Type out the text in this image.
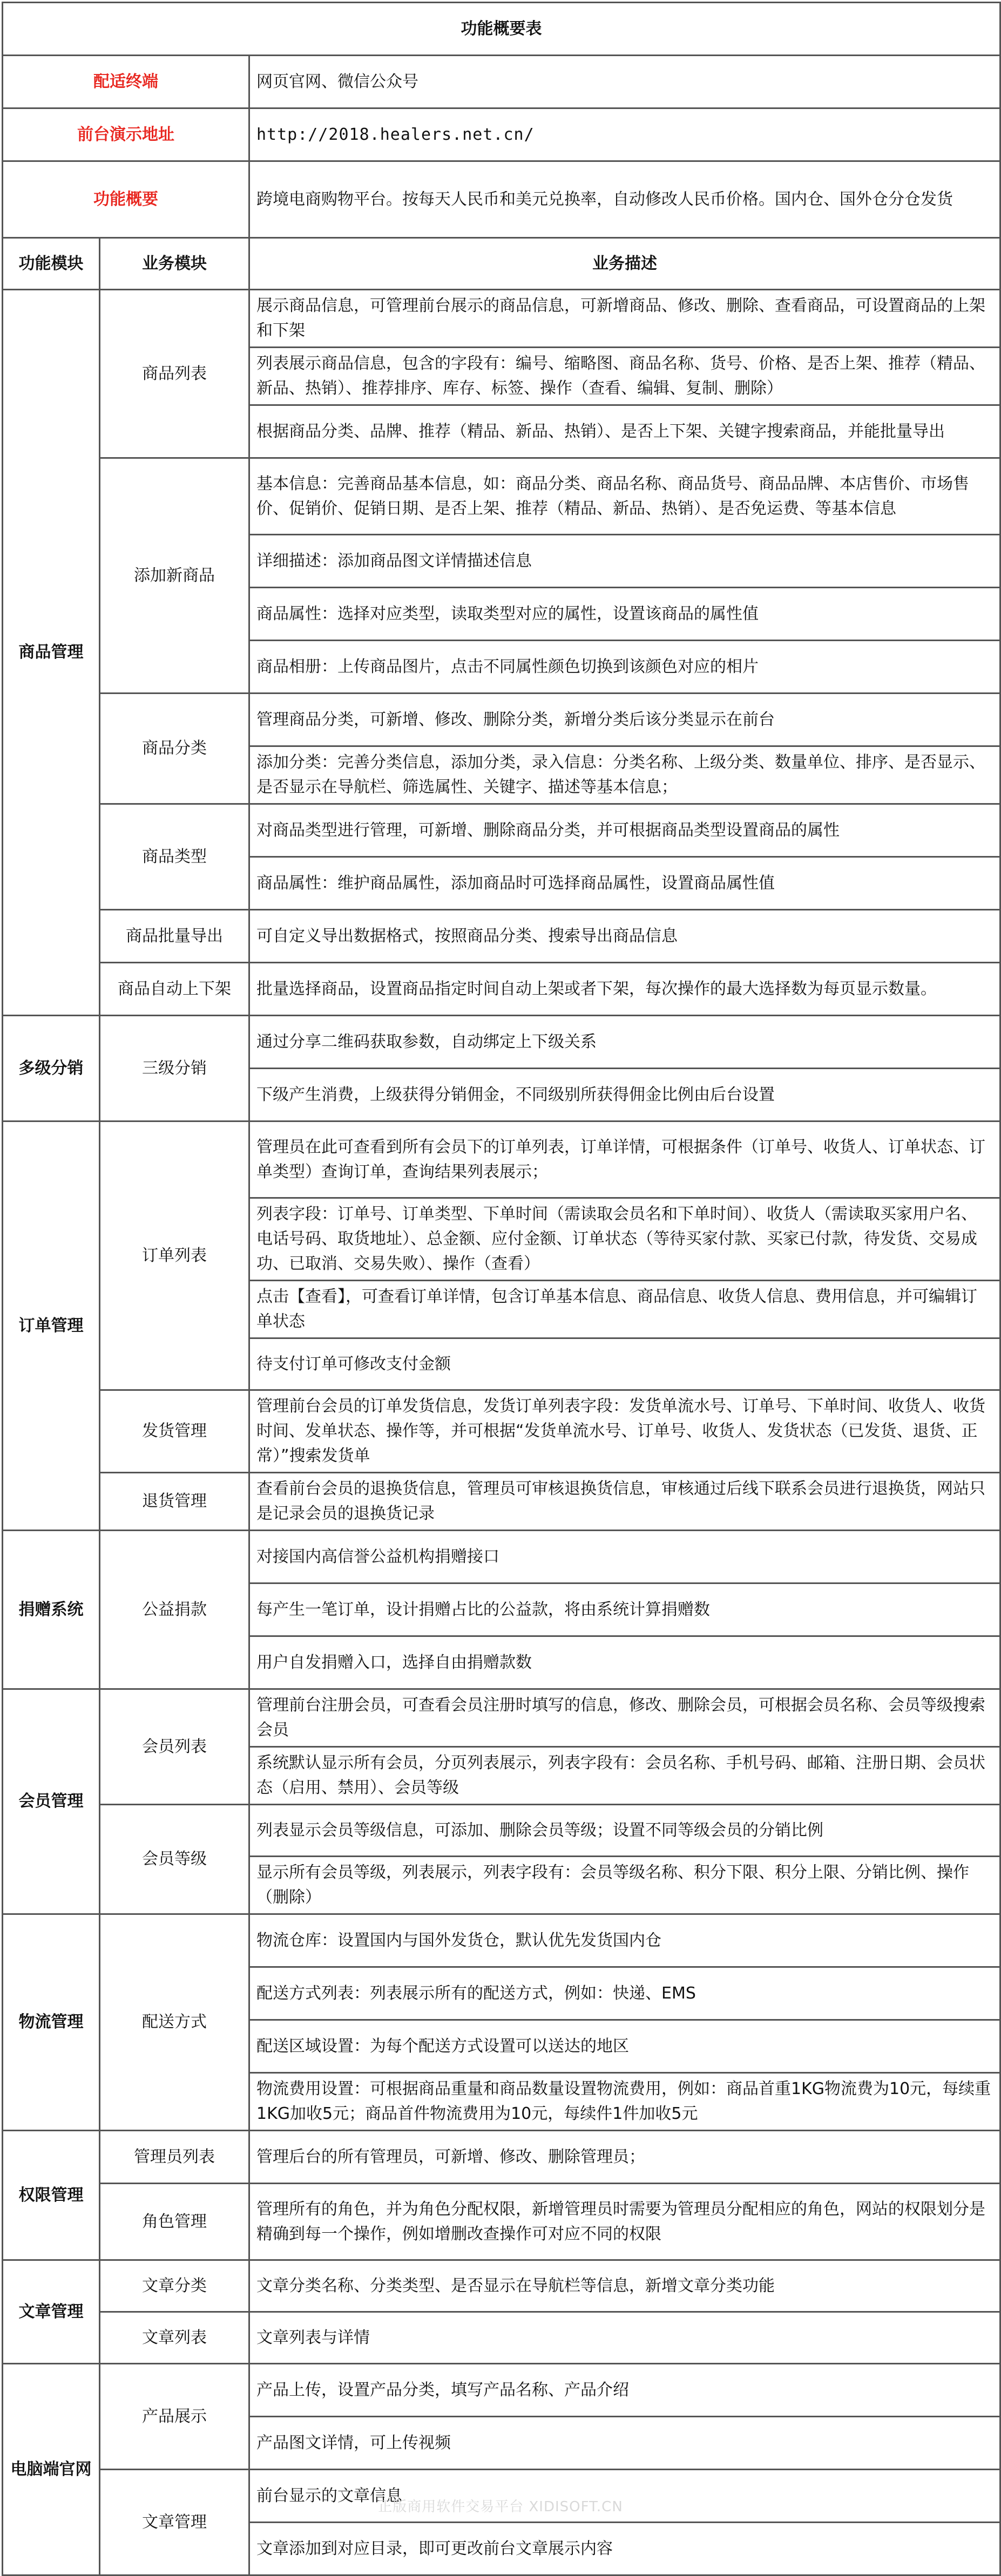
功能概要表		
配适终端		网页官网、微信公众号
前台演示地址		http://2018.healers.net.cn/
功能概要		跨境电商购物平台。按每天人民币和美元兑换率，自动修改人民币价格。国内仓、国外仓分仓发货
功能模块	业务模块	业务描述
商品管理	商品列表	展示商品信息，可管理前台展示的商品信息，可新增商品、修改、删除、查看商品，可设置商品的上架和下架
		列表展示商品信息，包含的字段有：编号、缩略图、商品名称、货号、价格、是否上架、推荐（精品、新品、热销）、推荐排序、库存、标签、操作（查看、编辑、复制、删除）
		根据商品分类、品牌、推荐（精品、新品、热销）、是否上下架、关键字搜索商品，并能批量导出
	添加新商品	基本信息：完善商品基本信息，如：商品分类、商品名称、商品货号、商品品牌、本店售价、市场售价、促销价、促销日期、是否上架、推荐（精品、新品、热销）、是否免运费、等基本信息
		详细描述：添加商品图文详情描述信息
		商品属性：选择对应类型，读取类型对应的属性，设置该商品的属性值
		商品相册：上传商品图片，点击不同属性颜色切换到该颜色对应的相片
	商品分类	管理商品分类，可新增、修改、删除分类，新增分类后该分类显示在前台
		添加分类：完善分类信息，添加分类，录入信息：分类名称、上级分类、数量单位、排序、是否显示、是否显示在导航栏、筛选属性、关键字、描述等基本信息；
	商品类型	对商品类型进行管理，可新增、删除商品分类，并可根据商品类型设置商品的属性
		商品属性：维护商品属性，添加商品时可选择商品属性，设置商品属性值
	商品批量导出	可自定义导出数据格式，按照商品分类、搜索导出商品信息
	商品自动上下架	批量选择商品，设置商品指定时间自动上架或者下架，每次操作的最大选择数为每页显示数量。
多级分销	三级分销	通过分享二维码获取参数，自动绑定上下级关系
		下级产生消费，上级获得分销佣金，不同级别所获得佣金比例由后台设置
订单管理	订单列表	管理员在此可查看到所有会员下的订单列表，订单详情，可根据条件（订单号、收货人、订单状态、订单类型）查询订单，查询结果列表展示；
		列表字段：订单号、订单类型、下单时间（需读取会员名和下单时间）、收货人（需读取买家用户名、电话号码、取货地址）、总金额、应付金额、订单状态（等待买家付款、买家已付款，待发货、交易成功、已取消、交易失败）、操作（查看）
		点击【查看】，可查看订单详情，包含订单基本信息、商品信息、收货人信息、费用信息，并可编辑订单状态
		待支付订单可修改支付金额
	发货管理	管理前台会员的订单发货信息，发货订单列表字段：发货单流水号、订单号、下单时间、收货人、收货时间、发单状态、操作等，并可根据“发货单流水号、订单号、收货人、发货状态（已发货、退货、正常）”搜索发货单
	退货管理	查看前台会员的退换货信息，管理员可审核退换货信息，审核通过后线下联系会员进行退换货，网站只是记录会员的退换货记录
捐赠系统	公益捐款	对接国内高信誉公益机构捐赠接口
		每产生一笔订单，设计捐赠占比的公益款，将由系统计算捐赠数
		用户自发捐赠入口，选择自由捐赠款数
会员管理	会员列表	管理前台注册会员，可查看会员注册时填写的信息，修改、删除会员，可根据会员名称、会员等级搜索会员
		系统默认显示所有会员，分页列表展示，列表字段有：会员名称、手机号码、邮箱、注册日期、会员状态（启用、禁用）、会员等级
	会员等级	列表显示会员等级信息，可添加、删除会员等级；设置不同等级会员的分销比例
		显示所有会员等级，列表展示，列表字段有：会员等级名称、积分下限、积分上限、分销比例、操作（删除）
物流管理	配送方式	物流仓库：设置国内与国外发货仓，默认优先发货国内仓
		配送方式列表：列表展示所有的配送方式，例如：快递、EMS
		配送区域设置：为每个配送方式设置可以送达的地区
		物流费用设置：可根据商品重量和商品数量设置物流费用，例如：商品首重1KG物流费为10元，每续重1KG加收5元；商品首件物流费用为10元，每续件1件加收5元
权限管理	管理员列表	管理后台的所有管理员，可新增、修改、删除管理员；
	角色管理	管理所有的角色，并为角色分配权限，新增管理员时需要为管理员分配相应的角色，网站的权限划分是精确到每一个操作，例如增删改查操作可对应不同的权限
文章管理	文章分类	文章分类名称、分类类型、是否显示在导航栏等信息，新增文章分类功能
	文章列表	文章列表与详情
电脑端官网	产品展示	产品上传，设置产品分类，填写产品名称、产品介绍
		产品图文详情，可上传视频
	文章管理	前台显示的文章信息
		文章添加到对应目录，即可更改前台文章展示内容
正版商用软件交易平台 XIDISOFT.CN
